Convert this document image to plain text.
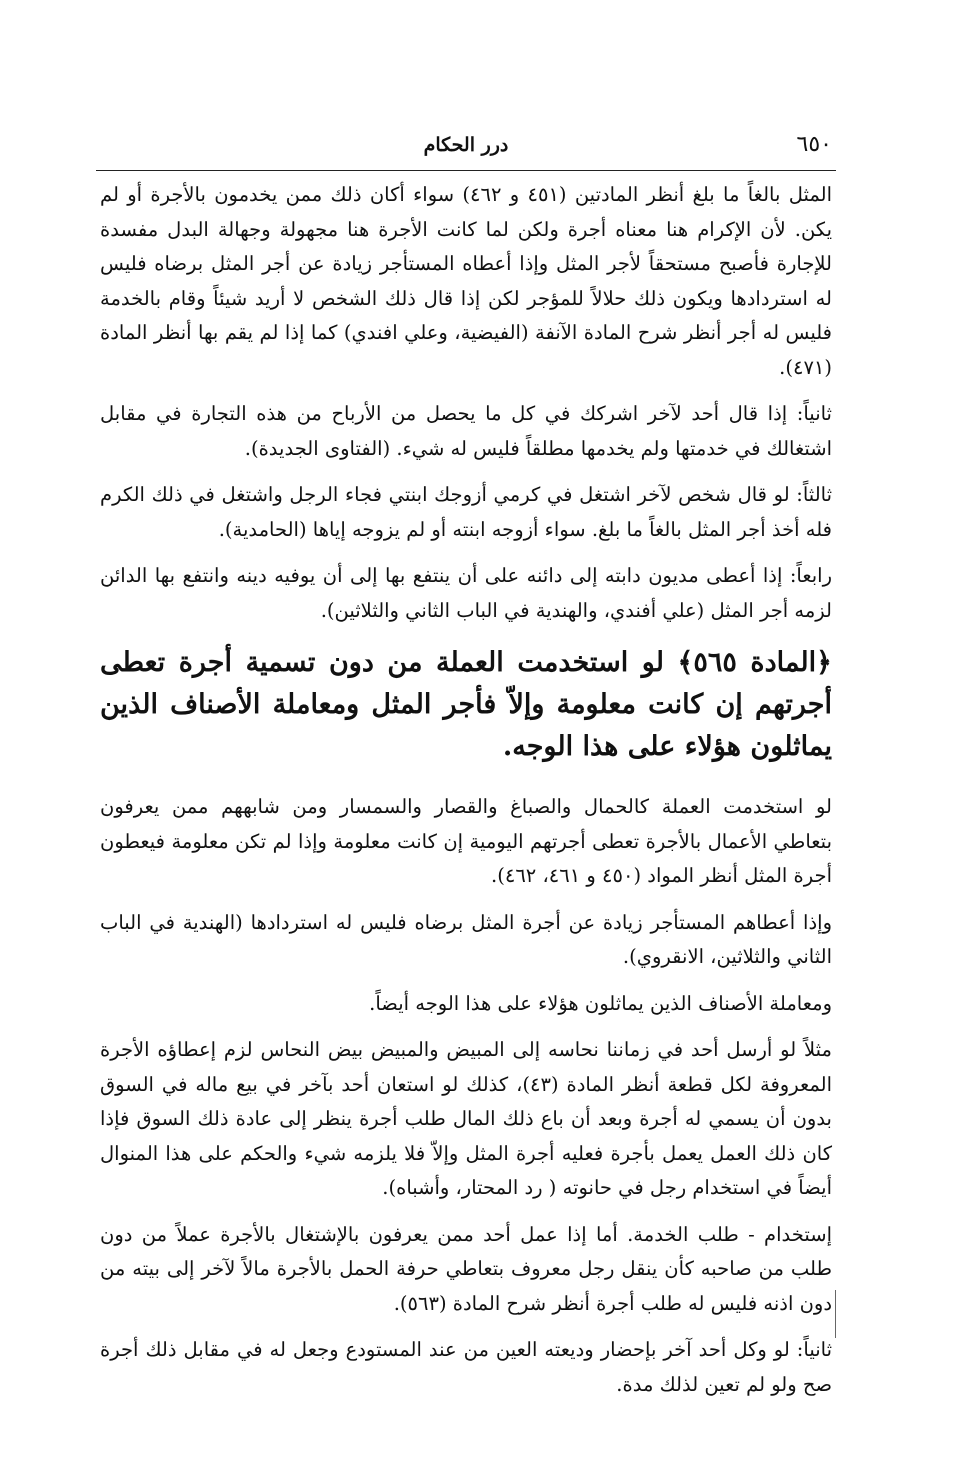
٦٥٠
درر الحكام

المثل بالغاً ما بلغ أنظر المادتين (٤٥١ و ٤٦٢) سواء أكان ذلك ممن يخدمون بالأجرة أو لم يكن. لأن الإكرام هنا معناه أجرة ولكن لما كانت الأجرة هنا مجهولة وجهالة البدل مفسدة للإجارة فأصبح مستحقاً لأجر المثل وإذا أعطاه المستأجر زيادة عن أجر المثل برضاه فليس له استردادها ويكون ذلك حلالاً للمؤجر لكن إذا قال ذلك الشخص لا أريد شيئاً وقام بالخدمة فليس له أجر أنظر شرح المادة الآنفة (الفيضية، وعلي افندي) كما إذا لم يقم بها أنظر المادة (٤٧١).

ثانياً: إذا قال أحد لآخر اشركك في كل ما يحصل من الأرباح من هذه التجارة في مقابل اشتغالك في خدمتها ولم يخدمها مطلقاً فليس له شيء. (الفتاوى الجديدة).

ثالثاً: لو قال شخص لآخر اشتغل في كرمي أزوجك ابنتي فجاء الرجل واشتغل في ذلك الكرم فله أخذ أجر المثل بالغاً ما بلغ. سواء أزوجه ابنته أو لم يزوجه إياها (الحامدية).

رابعاً: إذا أعطى مديون دابته إلى دائنه على أن ينتفع بها إلى أن يوفيه دينه وانتفع بها الدائن لزمه أجر المثل (علي أفندي، والهندية في الباب الثاني والثلاثين).

﴿المادة ٥٦٥﴾ لو استخدمت العملة من دون تسمية أجرة تعطى أجرتهم إن كانت معلومة وإلاّ فأجر المثل ومعاملة الأصناف الذين يماثلون هؤلاء على هذا الوجه.

لو استخدمت العملة كالحمال والصباغ والقصار والسمسار ومن شابههم ممن يعرفون بتعاطي الأعمال بالأجرة تعطى أجرتهم اليومية إن كانت معلومة وإذا لم تكن معلومة فيعطون أجرة المثل أنظر المواد (٤٥٠ و ٤٦١، ٤٦٢).

وإذا أعطاهم المستأجر زيادة عن أجرة المثل برضاه فليس له استردادها (الهندية في الباب الثاني والثلاثين، الانقروي).

ومعاملة الأصناف الذين يماثلون هؤلاء على هذا الوجه أيضاً.

مثلاً لو أرسل أحد في زماننا نحاسه إلى المبيض والمبيض بيض النحاس لزم إعطاؤه الأجرة المعروفة لكل قطعة أنظر المادة (٤٣)، كذلك لو استعان أحد بآخر في بيع ماله في السوق بدون أن يسمي له أجرة وبعد أن باع ذلك المال طلب أجرة ينظر إلى عادة ذلك السوق فإذا كان ذلك العمل يعمل بأجرة فعليه أجرة المثل وإلاّ فلا يلزمه شيء والحكم على هذا المنوال أيضاً في استخدام رجل في حانوته ( رد المحتار، وأشباه).

إستخدام - طلب الخدمة. أما إذا عمل أحد ممن يعرفون بالإشتغال بالأجرة عملاً من دون طلب من صاحبه كأن ينقل رجل معروف بتعاطي حرفة الحمل بالأجرة مالاً لآخر إلى بيته من دون اذنه فليس له طلب أجرة أنظر شرح المادة (٥٦٣).

ثانياً: لو وكل أحد آخر بإحضار وديعته العين من عند المستودع وجعل له في مقابل ذلك أجرة صح ولو لم تعين لذلك مدة.
